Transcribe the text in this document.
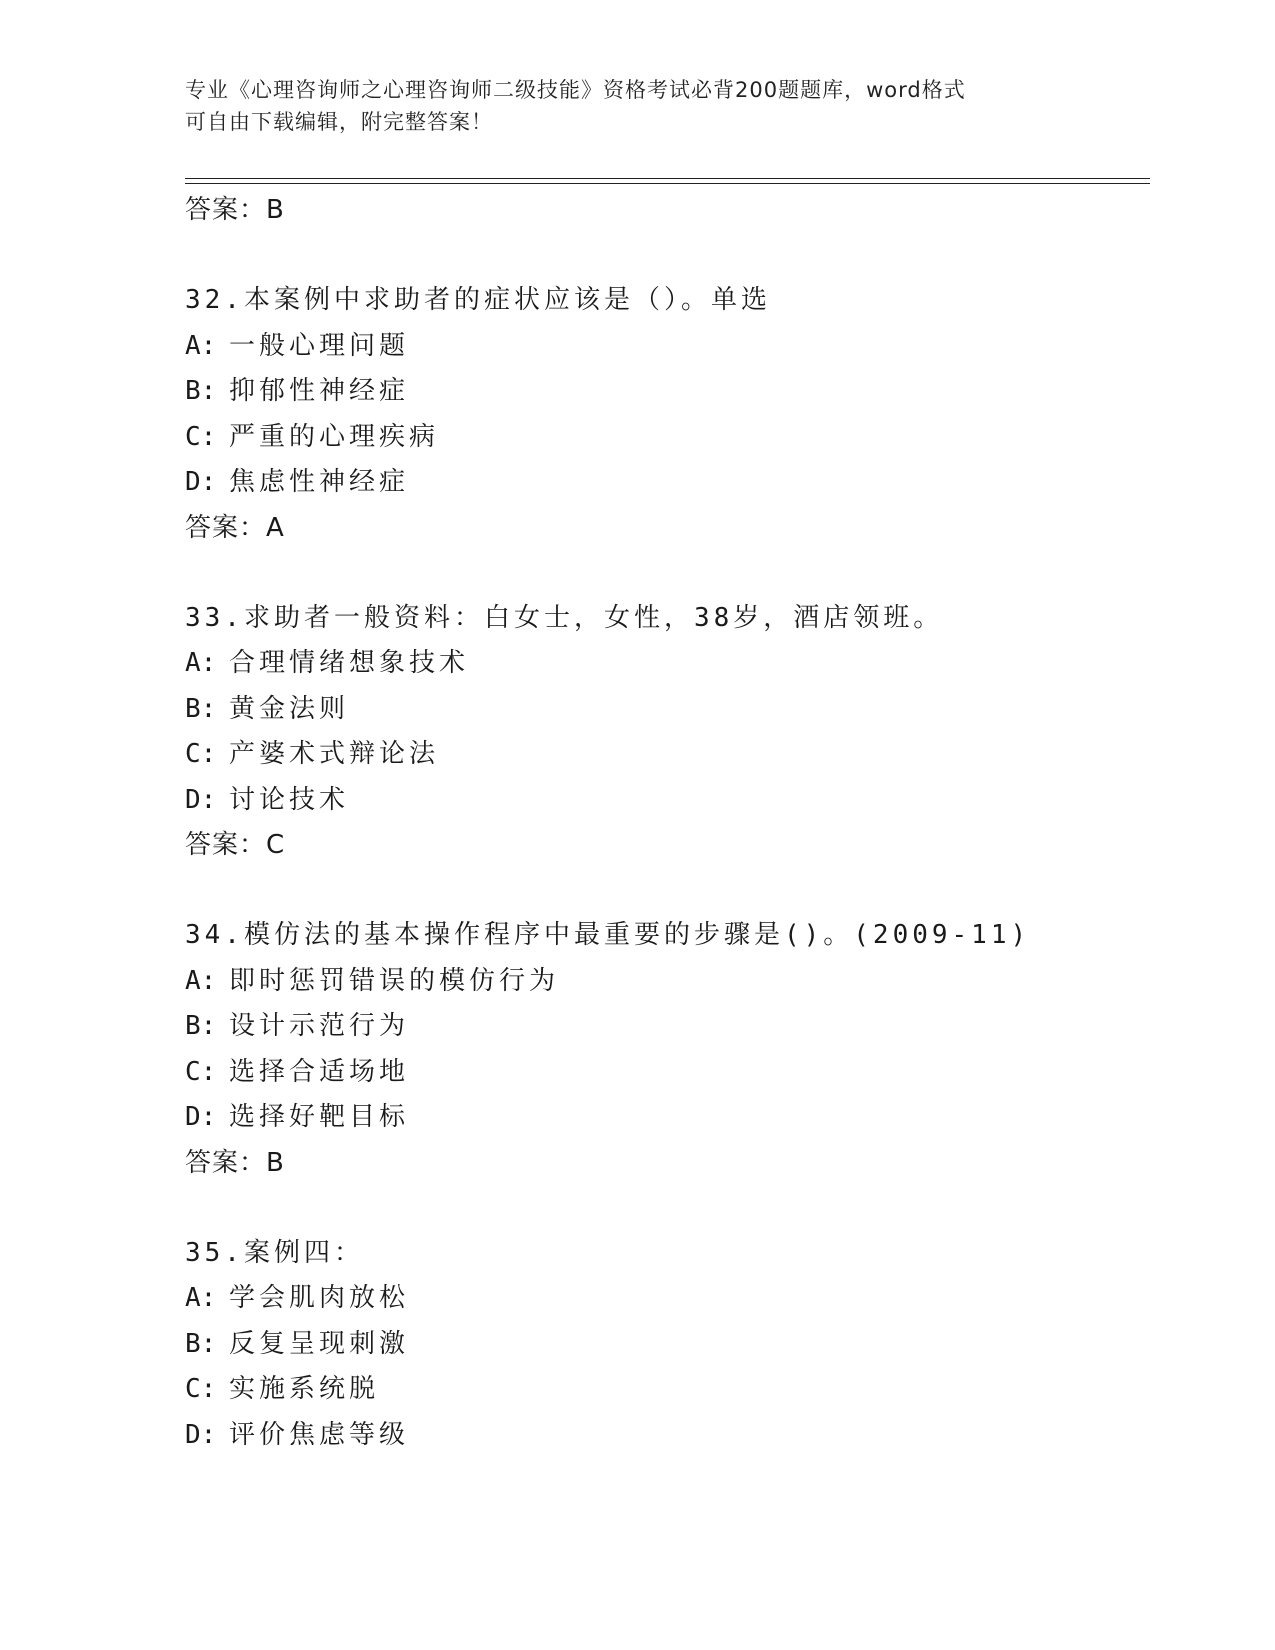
专业《心理咨询师之心理咨询师二级技能》资格考试必背200题题库，word格式
可自由下载编辑，附完整答案！
答案：B
32.本案例中求助者的症状应该是（）。单选
A: 一般心理问题
B: 抑郁性神经症
C: 严重的心理疾病
D: 焦虑性神经症
答案：A
33.求助者一般资料：白女士，女性，38岁，酒店领班。
A: 合理情绪想象技术
B: 黄金法则
C: 产婆术式辩论法
D: 讨论技术
答案：C
34.模仿法的基本操作程序中最重要的步骤是()。(2009-11)
A: 即时惩罚错误的模仿行为
B: 设计示范行为
C: 选择合适场地
D: 选择好靶目标
答案：B
35.案例四：
A: 学会肌肉放松
B: 反复呈现刺激
C: 实施系统脱
D: 评价焦虑等级
